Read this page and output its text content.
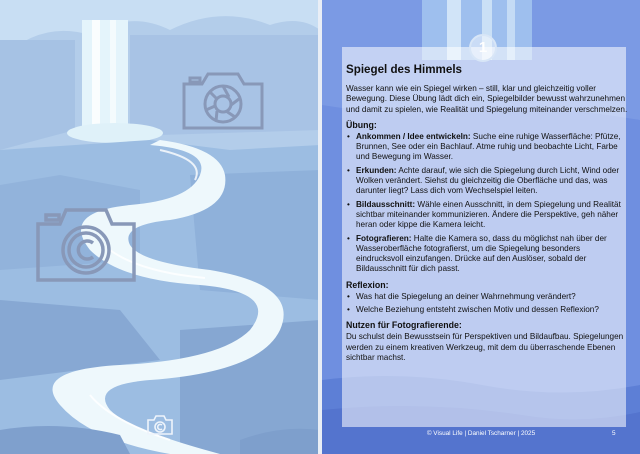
1
Spiegel des Himmels

Wasser kann wie ein Spiegel wirken – still, klar und gleichzeitig voller Bewegung. Diese Übung lädt dich ein, Spiegelbilder bewusst wahrzunehmen und damit zu spielen, wie Realität und Spiegelung miteinander verschmelzen.

Übung:
• Ankommen / Idee entwickeln: Suche eine ruhige Wasserfläche: Pfütze, Brunnen, See oder ein Bachlauf. Atme ruhig und beobachte Licht, Farbe und Bewegung im Wasser.
• Erkunden: Achte darauf, wie sich die Spiegelung durch Licht, Wind oder Wolken verändert. Siehst du gleichzeitig die Oberfläche und das, was darunter liegt? Lass dich vom Wechselspiel leiten.
• Bildausschnitt: Wähle einen Ausschnitt, in dem Spiegelung und Realität sichtbar miteinander kommunizieren. Ändere die Perspektive, geh näher heran oder kippe die Kamera leicht.
• Fotografieren: Halte die Kamera so, dass du möglichst nah über der Wasseroberfläche fotografierst, um die Spiegelung besonders eindrucksvoll einzufangen. Drücke auf den Auslöser, sobald der Bildausschnitt für dich passt.
Reflexion:
• Was hat die Spiegelung an deiner Wahrnehmung verändert?
• Welche Beziehung entsteht zwischen Motiv und dessen Reflexion?
Nutzen für Fotografierende:

Du schulst dein Bewusstsein für Perspektiven und Bildaufbau. Spiegelungen werden zu einem kreativen Werkzeug, mit dem du überraschende Ebenen sichtbar machst.

© Visual Life | Daniel Tscharner | 2025	5
